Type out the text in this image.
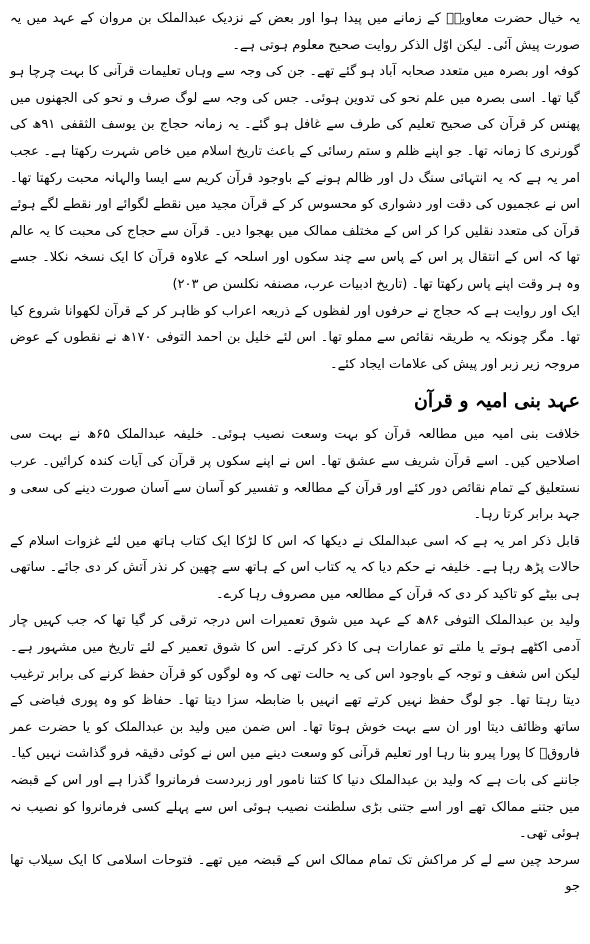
یہ خیال حضرت معاویہؓ کے زمانے میں پیدا ہوا اور بعض کے نزدیک عبدالملک بن مروان کے عہد میں یہ صورت پیش آئی۔ لیکن اوّل الذکر روایت صحیح معلوم ہوتی ہے۔

کوفہ اور بصرہ میں متعدد صحابہ آباد ہو گئے تھے۔ جن کی وجہ سے وہاں تعلیمات قرآنی کا بہت چرچا ہو گیا تھا۔ اسی بصرہ میں علم نحو کی تدوین ہوئی۔ جس کی وجہ سے لوگ صرف و نحو کی الجھنوں میں پھنس کر قرآن کی صحیح تعلیم کی طرف سے غافل ہو گئے۔ یہ زمانہ حجاج بن یوسف الثقفی ۹۱ھ کی گورنری کا زمانہ تھا۔ جو اپنے ظلم و ستم رسائی کے باعث تاریخ اسلام میں خاص شہرت رکھتا ہے۔ عجب امر یہ ہے کہ یہ انتہائی سنگ دل اور ظالم ہونے کے باوجود قرآن کریم سے ایسا والہانہ محبت رکھتا تھا۔ اس نے عجمیوں کی دقت اور دشواری کو محسوس کر کے قرآن مجید میں نقطے لگوائے اور نقطے لگے ہوئے قرآن کی متعدد نقلیں کرا کر اس کے مختلف ممالک میں بھجوا دیں۔ قرآن سے حجاج کی محبت کا یہ عالم تھا کہ اس کے انتقال پر اس کے پاس سے چند سکوں اور اسلحہ کے علاوہ قرآن کا ایک نسخہ نکلا۔ جسے وہ ہر وقت اپنے پاس رکھتا تھا۔ (تاریخ ادبیات عرب، مصنفہ نکلسن ص ۲۰۳)

ایک اور روایت ہے کہ حجاج نے حرفوں اور لفظوں کے ذریعہ اعراب کو ظاہر کر کے قرآن لکھوانا شروع کیا تھا۔ مگر چونکہ یہ طریقہ نقائص سے مملو تھا۔ اس لئے خلیل بن احمد التوفی ۱۷۰ھ نے نقطوں کے عوض مروجہ زیر زبر اور پیش کی علامات ایجاد کئے۔

عہد بنی امیہ و قرآن

خلافت بنی امیہ میں مطالعہ قرآن کو بہت وسعت نصیب ہوئی۔ خلیفہ عبدالملک ۶۵ھ نے بہت سی اصلاحیں کیں۔ اسے قرآن شریف سے عشق تھا۔ اس نے اپنے سکوں پر قرآن کی آیات کندہ کرائیں۔ عرب نستعلیق کے تمام نقائص دور کئے اور قرآن کے مطالعہ و تفسیر کو آسان سے آسان صورت دینے کی سعی و جہد برابر کرتا رہا۔

قابل ذکر امر یہ ہے کہ اسی عبدالملک نے دیکھا کہ اس کا لڑکا ایک کتاب ہاتھ میں لئے غزوات اسلام کے حالات پڑھ رہا ہے۔ خلیفہ نے حکم دیا کہ یہ کتاب اس کے ہاتھ سے چھین کر نذر آتش کر دی جائے۔ ساتھی ہی بیٹے کو تاکید کر دی کہ قرآن کے مطالعہ میں مصروف رہا کرے۔

ولید بن عبدالملک التوفی ۸۶ھ کے عہد میں شوق تعمیرات اس درجہ ترقی کر گیا تھا کہ جب کہیں چار آدمی اکٹھے ہوتے یا ملتے تو عمارات ہی کا ذکر کرتے۔ اس کا شوق تعمیر کے لئے تاریخ میں مشہور ہے۔ لیکن اس شغف و توجہ کے باوجود اس کی یہ حالت تھی کہ وہ لوگوں کو قرآن حفظ کرنے کی برابر ترغیب دیتا رہتا تھا۔ جو لوگ حفظ نہیں کرتے تھے انہیں با ضابطہ سزا دیتا تھا۔ حفاظ کو وہ پوری فیاضی کے ساتھ وظائف دیتا اور ان سے بہت خوش ہوتا تھا۔ اس ضمن میں ولید بن عبدالملک کو یا حضرت عمر فاروقؓ کا پورا پیرو بنا رہا اور تعلیم قرآنی کو وسعت دینے میں اس نے کوئی دقیقہ فرو گذاشت نہیں کیا۔ جاننے کی بات ہے کہ ولید بن عبدالملک دنیا کا کتنا نامور اور زبردست فرمانروا گذرا ہے اور اس کے قبضہ میں جتنے ممالک تھے اور اسے جتنی بڑی سلطنت نصیب ہوئی اس سے پہلے کسی فرمانروا کو نصیب نہ ہوئی تھی۔

سرحد چین سے لے کر مراکش تک تمام ممالک اس کے قبضہ میں تھے۔ فتوحات اسلامی کا ایک سیلاب تھا جو
